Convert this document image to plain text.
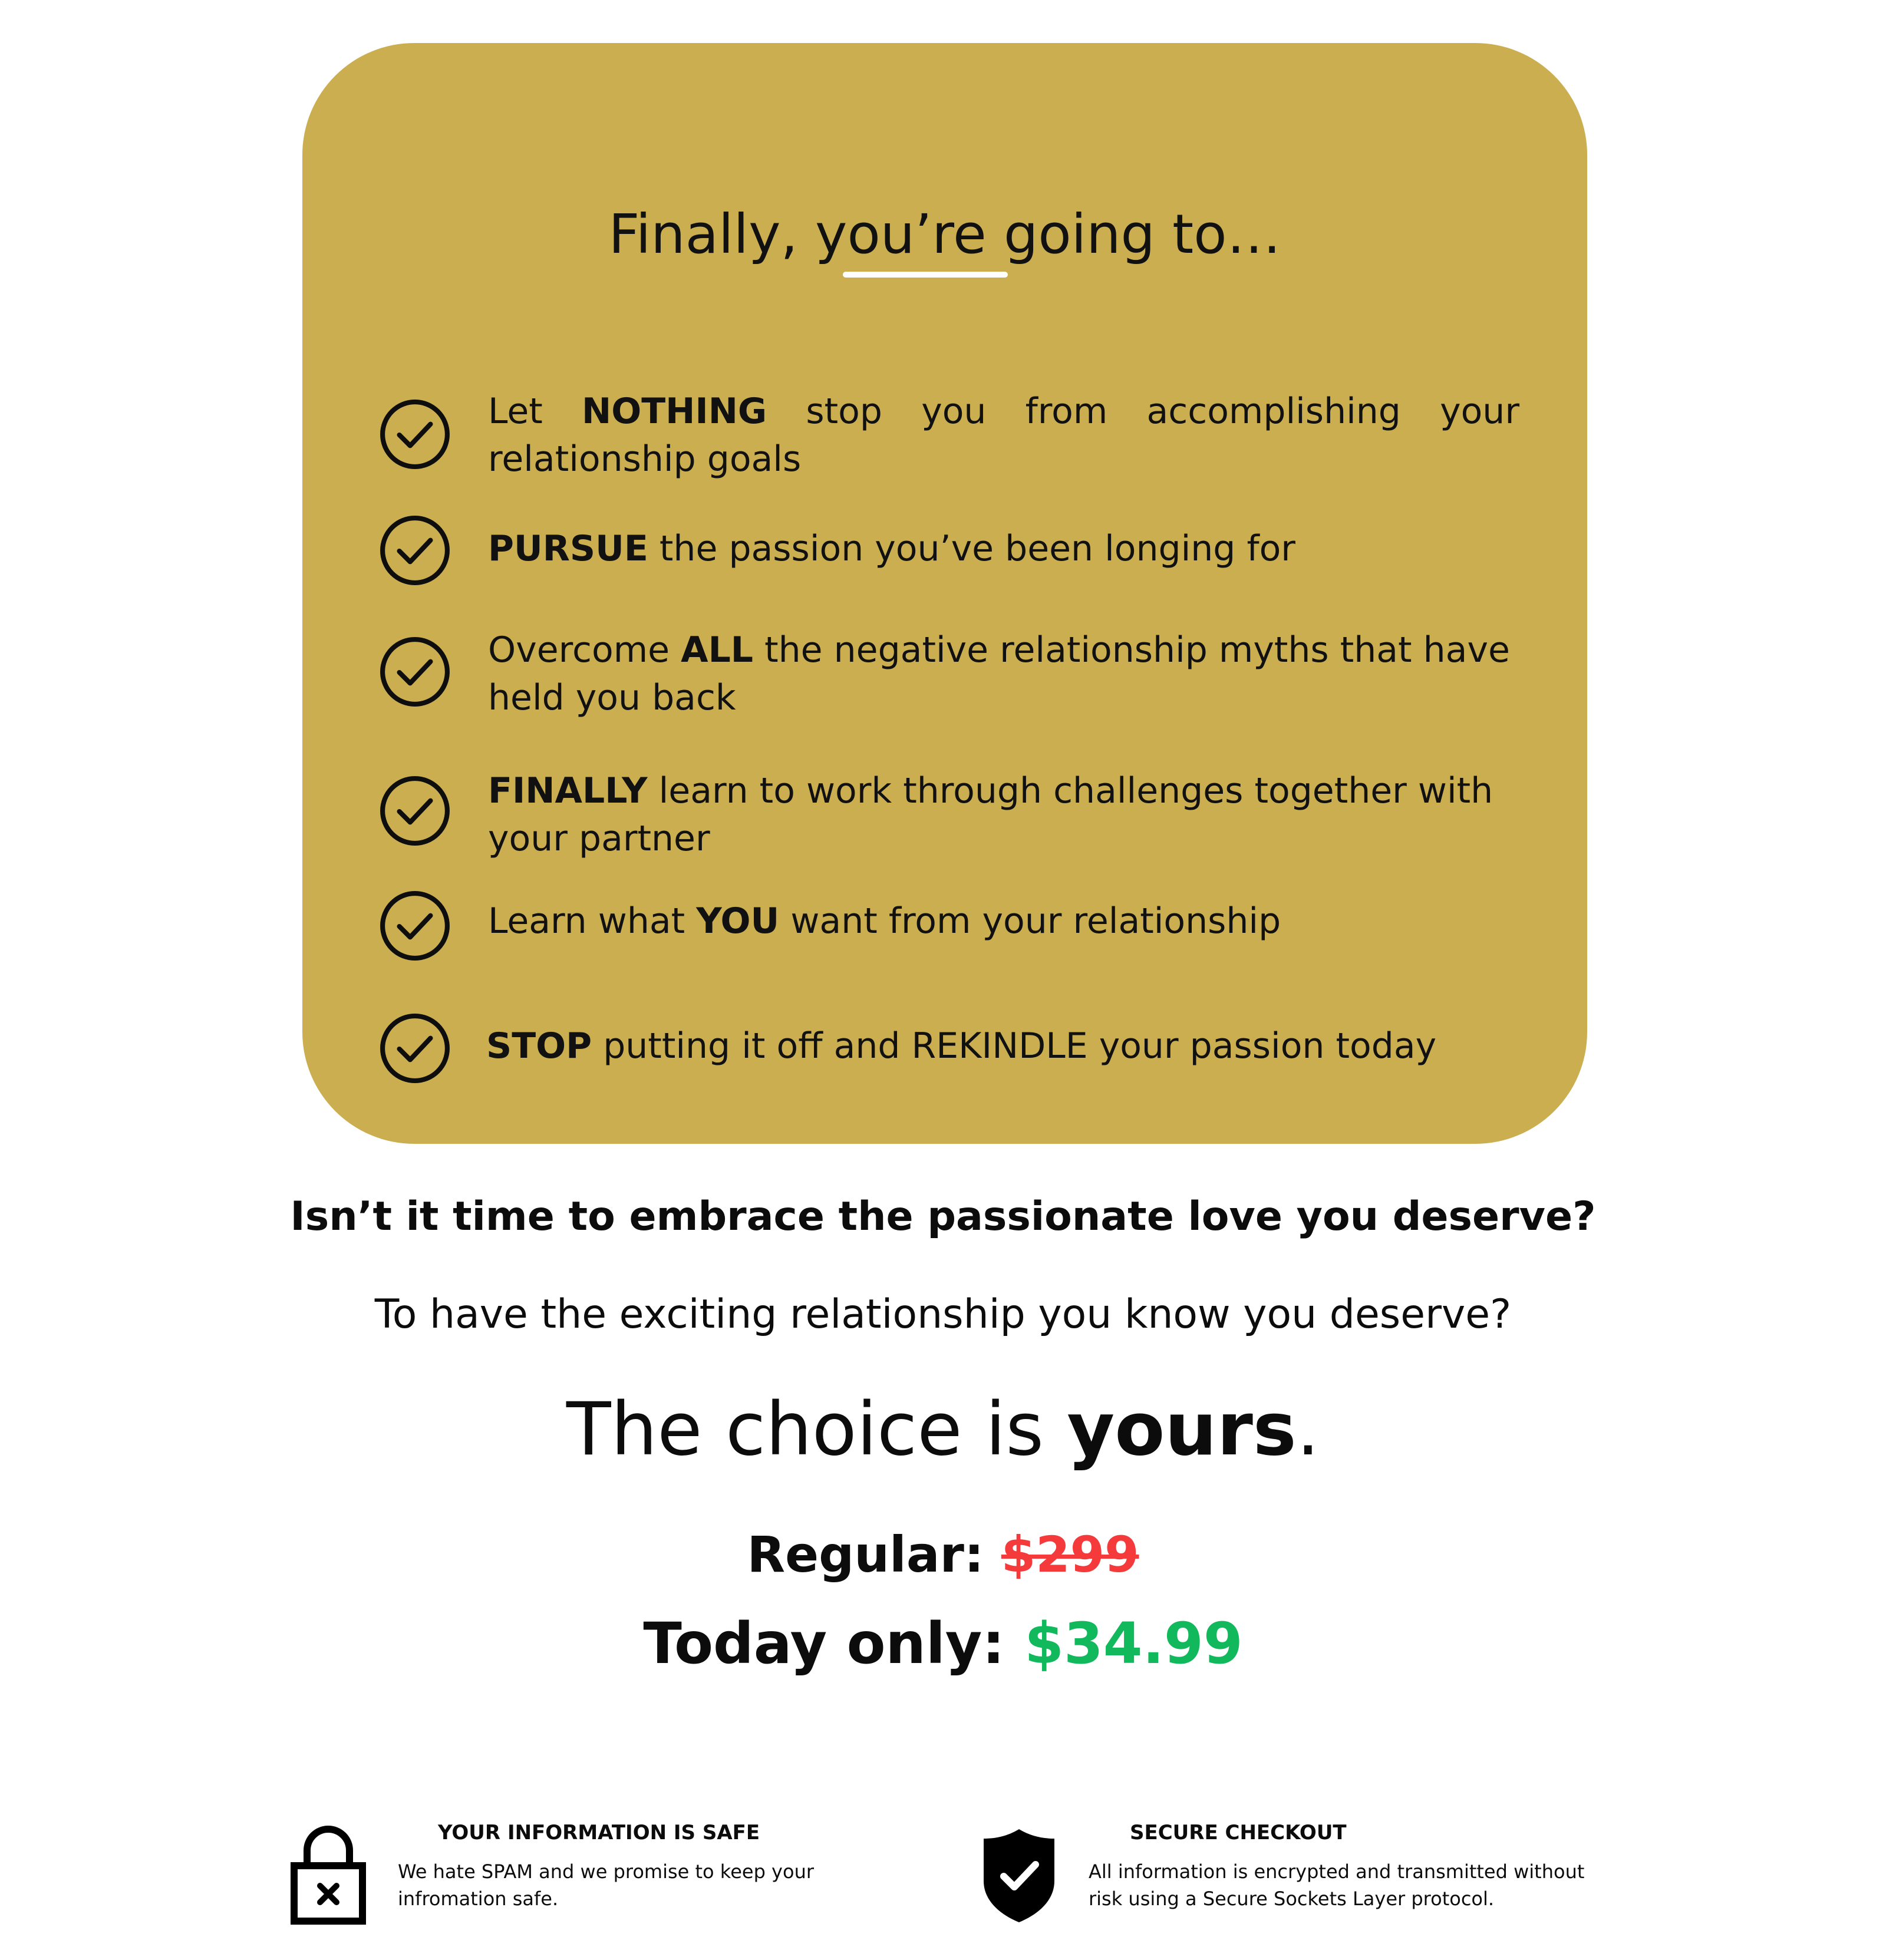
Finally, you’re going to…
Let NOTHING stop you from accomplishing your relationship goals
PURSUE the passion you’ve been longing for
Overcome ALL the negative relationship myths that have held you back
FINALLY learn to work through challenges together with your partner
Learn what YOU want from your relationship
STOP putting it off and REKINDLE your passion today
Isn’t it time to embrace the passionate love you deserve?

To have the exciting relationship you know you deserve?

The choice is yours.

Regular: $299
Today only: $34.99
YOUR INFORMATION IS SAFE
We hate SPAM and we promise to keep your infromation safe.
SECURE CHECKOUT
All information is encrypted and transmitted without risk using a Secure Sockets Layer protocol.
